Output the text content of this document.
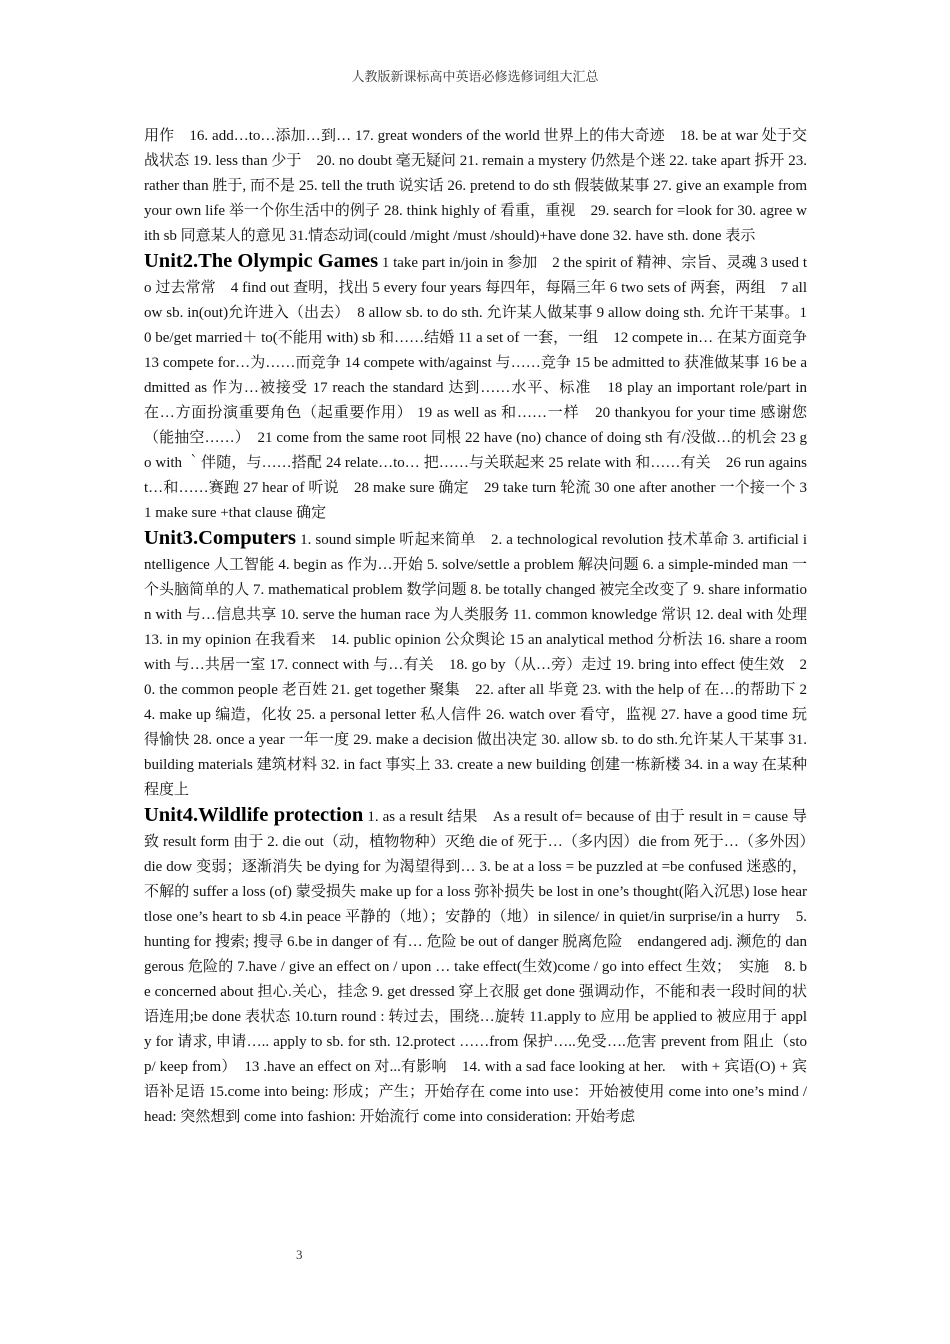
人教版新课标高中英语必修选修词组大汇总

用作　16. add…to…添加…到… 17. great wonders of the world 世界上的伟大奇迹　18. be at war 处于交战状态 19. less than 少于　20. no doubt 毫无疑问 21. remain a mystery 仍然是个迷 22. take apart 拆开 23. rather than 胜于, 而不是 25. tell the truth 说实话 26. pretend to do sth 假装做某事 27. give an example from your own life 举一个你生活中的例子 28. think highly of 看重，重视　29. search for =look for 30. agree with sb 同意某人的意见 31.情态动词(could /might /must /should)+have done 32. have sth. done 表示

Unit2.The Olympic Games 1 take part in/join in 参加　2 the spirit of 精神、宗旨、灵魂 3 used to 过去常常　4 find out 查明，找出 5 every four years 每四年，每隔三年 6 two sets of 两套，两组　7 allow sb. in(out)允许进入（出去）　8 allow sb. to do sth. 允许某人做某事 9 allow doing sth. 允许干某事。10 be/get married＋ to(不能用 with) sb 和……结婚 11 a set of 一套，一组　12 compete in… 在某方面竞争 13 compete for…为……而竞争 14 compete with/against 与……竞争 15 be admitted to 获准做某事 16 be admitted as 作为…被接受 17 reach the standard 达到……水平、标准　18 play an important role/part in 在…方面扮演重要角色（起重要作用） 19 as well as 和……一样　20 thankyou for your time 感谢您（能抽空……）　21 come from the same root 同根 22 have (no) chance of doing sth 有/没做…的机会 23 go with ｀伴随，与……搭配 24 relate…to… 把……与关联起来 25 relate with 和……有关　26 run against…和……赛跑 27 hear of 听说　28 make sure 确定　29 take turn 轮流 30 one after another 一个接一个 31 make sure +that clause 确定

Unit3.Computers 1. sound simple 听起来简单　2. a technological revolution 技术革命 3. artificial intelligence 人工智能 4. begin as 作为…开始 5. solve/settle a problem 解决问题 6. a simple-minded man 一个头脑简单的人 7. mathematical problem 数学问题 8. be totally changed 被完全改变了 9. share information with 与…信息共享 10. serve the human race 为人类服务 11. common knowledge 常识 12. deal with 处理 13. in my opinion 在我看来　14. public opinion 公众舆论 15 an analytical method 分析法 16. share a room with 与…共居一室 17. connect with 与…有关　18. go by（从…旁）走过 19. bring into effect 使生效　20. the common people 老百姓 21. get together 聚集　22. after all 毕竟 23. with the help of 在…的帮助下 24. make up 编造，化妆 25. a personal letter 私人信件 26. watch over 看守，监视 27. have a good time 玩得愉快 28. once a year 一年一度 29. make a decision 做出决定 30. allow sb. to do sth.允许某人干某事 31. building materials 建筑材料 32. in fact 事实上 33. create a new building 创建一栋新楼 34. in a way 在某种程度上

Unit4.Wildlife protection 1. as a result 结果　As a result of= because of 由于 result in = cause 导致 result form 由于 2. die out（动，植物物种）灭绝 die of 死于…（多内因）die from 死于…（多外因）　die dow 变弱；逐渐消失 be dying for 为渴望得到… 3. be at a loss = be puzzled at =be confused 迷惑的，不解的 suffer a loss (of) 蒙受损失 make up for a loss 弥补损失 be lost in one’s thought(陷入沉思) lose heartlose one’s heart to sb 4.in peace 平静的（地）；安静的（地）in silence/ in quiet/in surprise/in a hurry　5. hunting for 搜索; 搜寻 6.be in danger of 有… 危险 be out of danger 脱离危险　endangered adj. 濒危的 dangerous 危险的 7.have / give an effect on / upon … take effect(生效)come / go into effect 生效；　实施　8. be concerned about 担心.关心，挂念 9. get dressed 穿上衣服 get done 强调动作，不能和表一段时间的状语连用;be done 表状态 10.turn round : 转过去，围绕…旋转 11.apply to 应用 be applied to 被应用于 apply for 请求, 申请….. apply to sb. for sth. 12.protect ……from 保护…..免受….危害 prevent from 阻止（stop/ keep from）　13 .have an effect on 对...有影响　14. with a sad face looking at her.　with + 宾语(O) + 宾语补足语 15.come into being: 形成；产生；开始存在 come into use：开始被使用 come into one’s mind / head: 突然想到 come into fashion: 开始流行 come into consideration: 开始考虑

3
